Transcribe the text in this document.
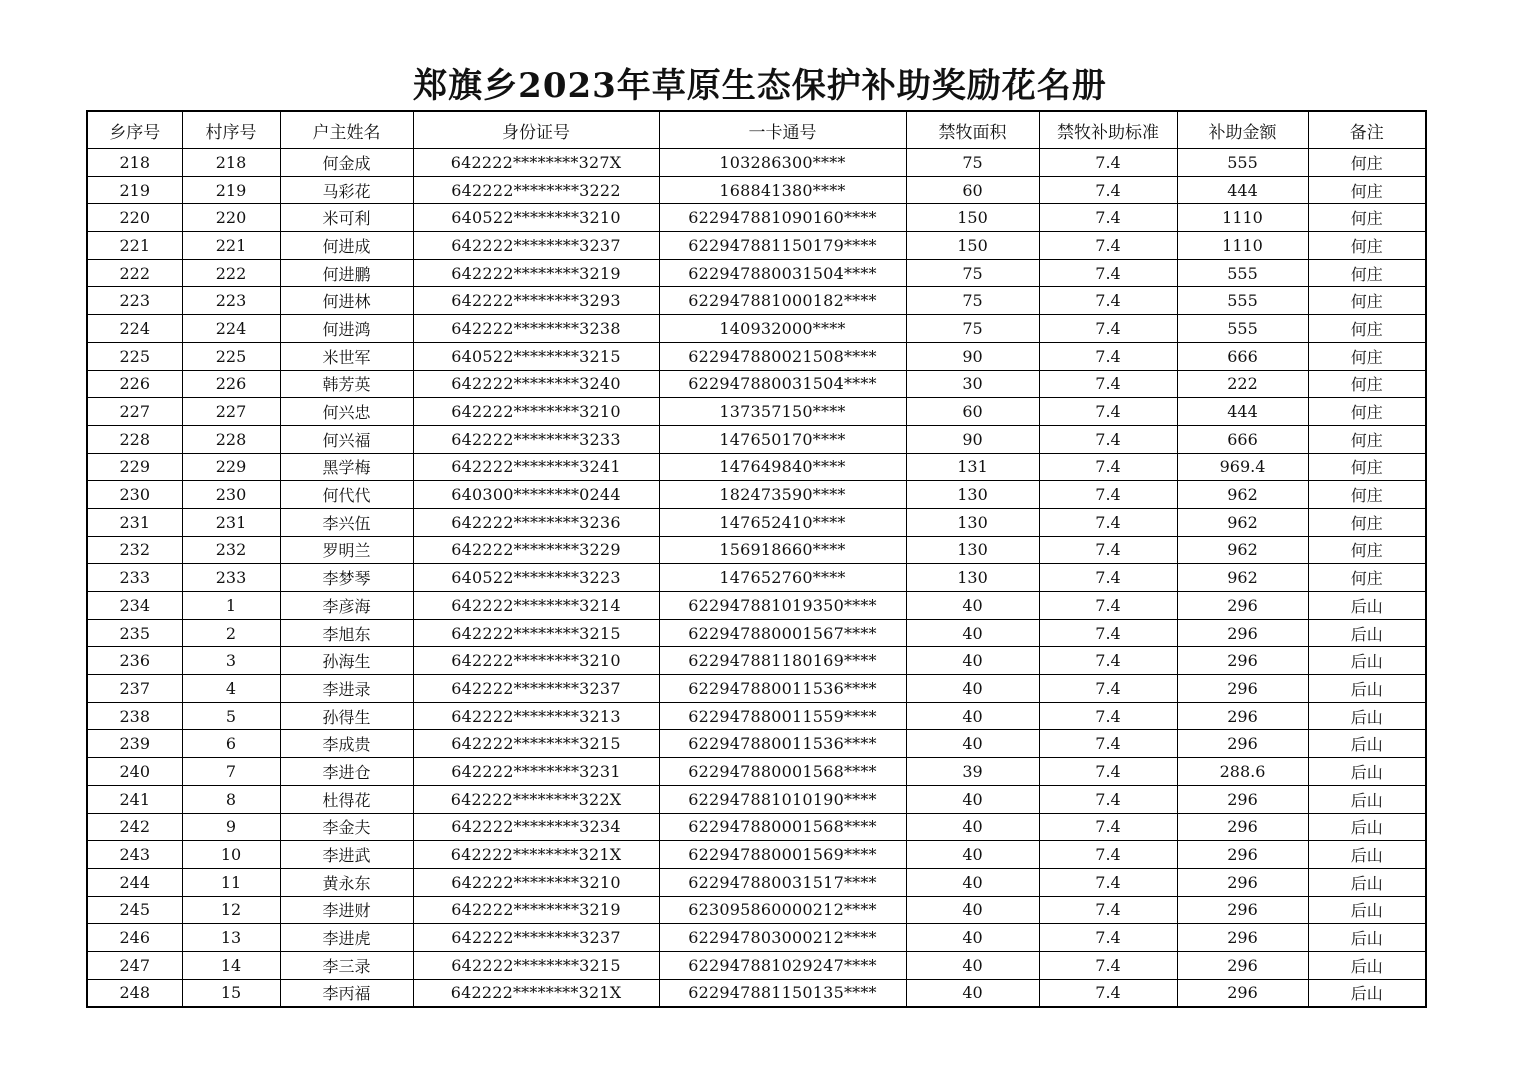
郑旗乡2023年草原生态保护补助奖励花名册
乡序号	村序号	户主姓名	身份证号	一卡通号	禁牧面积	禁牧补助标准	补助金额	备注
218	218	何金成	642222********327X	103286300****	75	7.4	555	何庄
219	219	马彩花	642222********3222	168841380****	60	7.4	444	何庄
220	220	米可利	640522********3210	622947881090160****	150	7.4	1110	何庄
221	221	何进成	642222********3237	622947881150179****	150	7.4	1110	何庄
222	222	何进鹏	642222********3219	622947880031504****	75	7.4	555	何庄
223	223	何进林	642222********3293	622947881000182****	75	7.4	555	何庄
224	224	何进鸿	642222********3238	140932000****	75	7.4	555	何庄
225	225	米世军	640522********3215	622947880021508****	90	7.4	666	何庄
226	226	韩芳英	642222********3240	622947880031504****	30	7.4	222	何庄
227	227	何兴忠	642222********3210	137357150****	60	7.4	444	何庄
228	228	何兴福	642222********3233	147650170****	90	7.4	666	何庄
229	229	黑学梅	642222********3241	147649840****	131	7.4	969.4	何庄
230	230	何代代	640300********0244	182473590****	130	7.4	962	何庄
231	231	李兴伍	642222********3236	147652410****	130	7.4	962	何庄
232	232	罗明兰	642222********3229	156918660****	130	7.4	962	何庄
233	233	李梦琴	640522********3223	147652760****	130	7.4	962	何庄
234	1	李彦海	642222********3214	622947881019350****	40	7.4	296	后山
235	2	李旭东	642222********3215	622947880001567****	40	7.4	296	后山
236	3	孙海生	642222********3210	622947881180169****	40	7.4	296	后山
237	4	李进录	642222********3237	622947880011536****	40	7.4	296	后山
238	5	孙得生	642222********3213	622947880011559****	40	7.4	296	后山
239	6	李成贵	642222********3215	622947880011536****	40	7.4	296	后山
240	7	李进仓	642222********3231	622947880001568****	39	7.4	288.6	后山
241	8	杜得花	642222********322X	622947881010190****	40	7.4	296	后山
242	9	李金夫	642222********3234	622947880001568****	40	7.4	296	后山
243	10	李进武	642222********321X	622947880001569****	40	7.4	296	后山
244	11	黄永东	642222********3210	622947880031517****	40	7.4	296	后山
245	12	李进财	642222********3219	623095860000212****	40	7.4	296	后山
246	13	李进虎	642222********3237	622947803000212****	40	7.4	296	后山
247	14	李三录	642222********3215	622947881029247****	40	7.4	296	后山
248	15	李丙福	642222********321X	622947881150135****	40	7.4	296	后山
